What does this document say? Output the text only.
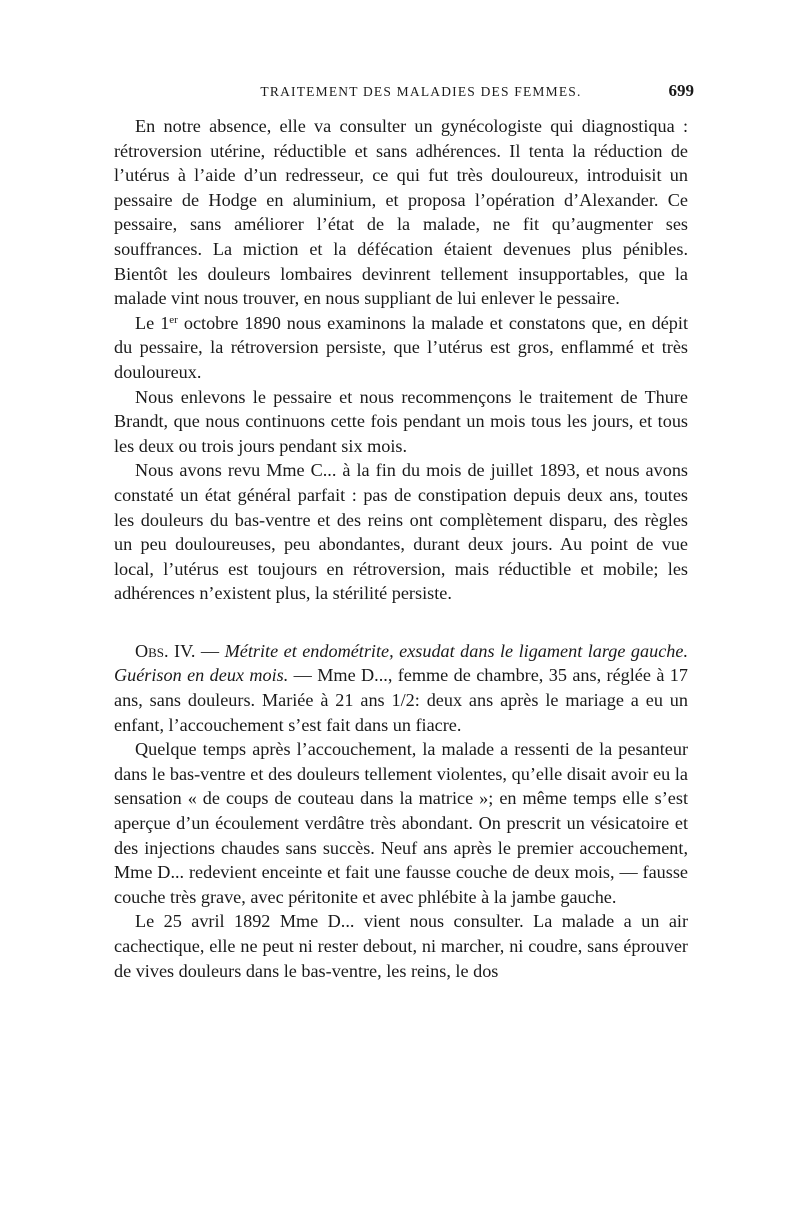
TRAITEMENT DES MALADIES DES FEMMES.	699

En notre absence, elle va consulter un gynécologiste qui diagnostiqua : rétroversion utérine, réductible et sans adhérences. Il tenta la réduction de l’utérus à l’aide d’un redresseur, ce qui fut très douloureux, introduisit un pessaire de Hodge en aluminium, et proposa l’opération d’Alexander. Ce pessaire, sans améliorer l’état de la malade, ne fit qu’augmenter ses souffrances. La miction et la défécation étaient devenues plus pénibles. Bientôt les douleurs lombaires devinrent tellement insupportables, que la malade vint nous trouver, en nous suppliant de lui enlever le pessaire.

Le 1er octobre 1890 nous examinons la malade et constatons que, en dépit du pessaire, la rétroversion persiste, que l’utérus est gros, enflammé et très douloureux.

Nous enlevons le pessaire et nous recommençons le traitement de Thure Brandt, que nous continuons cette fois pendant un mois tous les jours, et tous les deux ou trois jours pendant six mois.

Nous avons revu Mme C... à la fin du mois de juillet 1893, et nous avons constaté un état général parfait : pas de constipation depuis deux ans, toutes les douleurs du bas-ventre et des reins ont complètement disparu, des règles un peu douloureuses, peu abondantes, durant deux jours. Au point de vue local, l’utérus est toujours en rétroversion, mais réductible et mobile; les adhérences n’existent plus, la stérilité persiste.

Obs. IV. — Métrite et endométrite, exsudat dans le ligament large gauche. Guérison en deux mois. — Mme D..., femme de chambre, 35 ans, réglée à 17 ans, sans douleurs. Mariée à 21 ans 1/2: deux ans après le mariage a eu un enfant, l’accouchement s’est fait dans un fiacre.

Quelque temps après l’accouchement, la malade a ressenti de la pesanteur dans le bas-ventre et des douleurs tellement violentes, qu’elle disait avoir eu la sensation « de coups de couteau dans la matrice »; en même temps elle s’est aperçue d’un écoulement verdâtre très abondant. On prescrit un vésicatoire et des injections chaudes sans succès. Neuf ans après le premier accouchement, Mme D... redevient enceinte et fait une fausse couche de deux mois, — fausse couche très grave, avec péritonite et avec phlébite à la jambe gauche.

Le 25 avril 1892 Mme D... vient nous consulter. La malade a un air cachectique, elle ne peut ni rester debout, ni marcher, ni coudre, sans éprouver de vives douleurs dans le bas-ventre, les reins, le dos
